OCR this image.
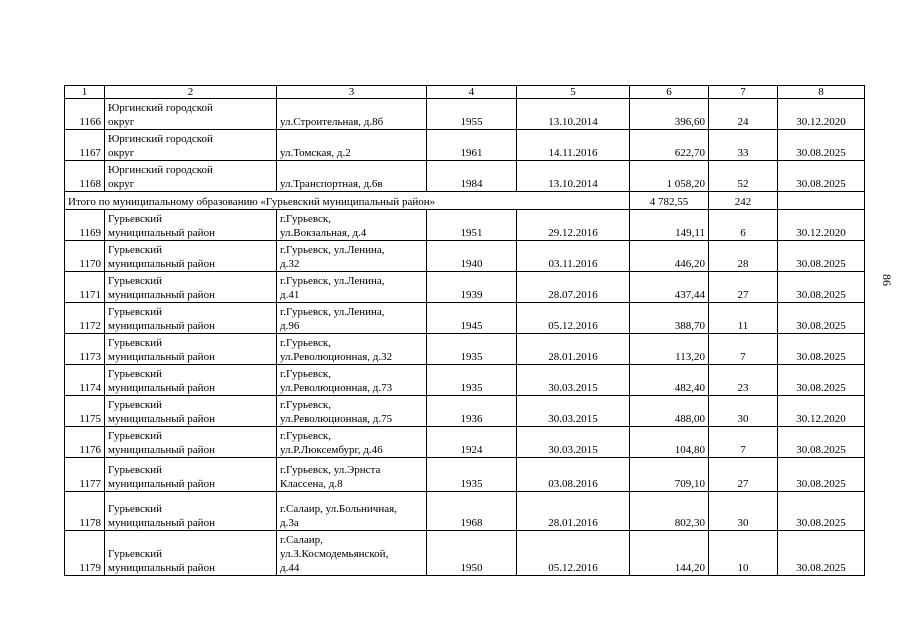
1	2	3	4	5	6	7	8
1166	Юргинский городской
округ	ул.Строительная, д.8б	1955	13.10.2014	396,60	24	30.12.2020
1167	Юргинский городской
округ	ул.Томская, д.2	1961	14.11.2016	622,70	33	30.08.2025
1168	Юргинский городской
округ	ул.Транспортная, д.6в	1984	13.10.2014	1 058,20	52	30.08.2025
Итого по муниципальному образованию «Гурьевский муниципальный район»					4 782,55	242	
1169	Гурьевский
муниципальный район	г.Гурьевск,
ул.Вокзальная, д.4	1951	29.12.2016	149,11	6	30.12.2020
1170	Гурьевский
муниципальный район	г.Гурьевск, ул.Ленина,
д.32	1940	03.11.2016	446,20	28	30.08.2025
1171	Гурьевский
муниципальный район	г.Гурьевск, ул.Ленина,
д.41	1939	28.07.2016	437,44	27	30.08.2025
1172	Гурьевский
муниципальный район	г.Гурьевск, ул.Ленина,
д.96	1945	05.12.2016	388,70	11	30.08.2025
1173	Гурьевский
муниципальный район	г.Гурьевск,
ул.Революционная, д.32	1935	28.01.2016	113,20	7	30.08.2025
1174	Гурьевский
муниципальный район	г.Гурьевск,
ул.Революционная, д.73	1935	30.03.2015	482,40	23	30.08.2025
1175	Гурьевский
муниципальный район	г.Гурьевск,
ул.Революционная, д.75	1936	30.03.2015	488,00	30	30.12.2020
1176	Гурьевский
муниципальный район	г.Гурьевск,
ул.Р.Люксембург, д.46	1924	30.03.2015	104,80	7	30.08.2025
1177	Гурьевский
муниципальный район	г.Гурьевск, ул.Эрнста
Классена, д.8	1935	03.08.2016	709,10	27	30.08.2025
1178	Гурьевский
муниципальный район	г.Салаир, ул.Больничная,
д.3а	1968	28.01.2016	802,30	30	30.08.2025
1179	Гурьевский
муниципальный район	г.Салаир,
ул.З.Космодемьянской,
д.44	1950	05.12.2016	144,20	10	30.08.2025
86
